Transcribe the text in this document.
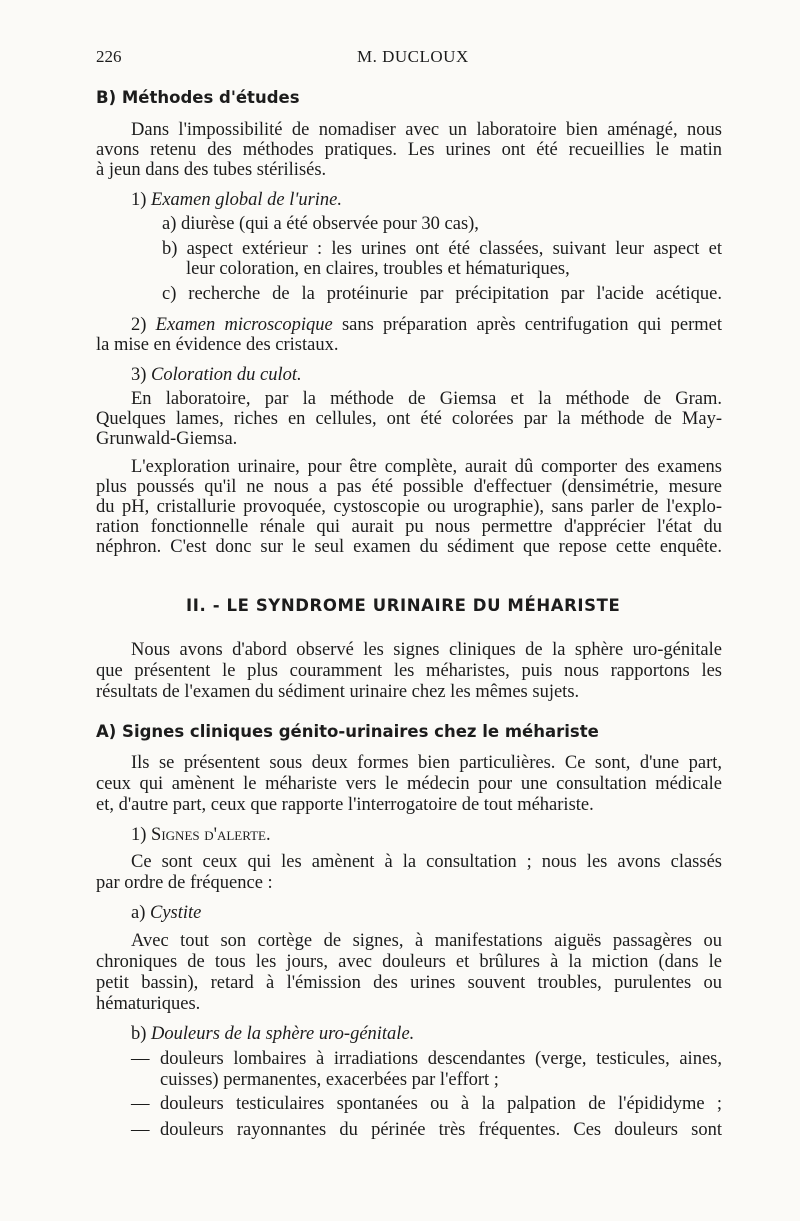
226	M. DUCLOUX
B) Méthodes d'études
Dans l'impossibilité de nomadiser avec un laboratoire bien aménagé, nous
avons retenu des méthodes pratiques. Les urines ont été recueillies le matin
à jeun dans des tubes stérilisés.
1) Examen global de l'urine.
a) diurèse (qui a été observée pour 30 cas),
b) aspect extérieur : les urines ont été classées, suivant leur aspect et
leur coloration, en claires, troubles et hématuriques,
c) recherche de la protéinurie par précipitation par l'acide acétique.
2) Examen microscopique sans préparation après centrifugation qui permet
la mise en évidence des cristaux.
3) Coloration du culot.
En laboratoire, par la méthode de Giemsa et la méthode de Gram.
Quelques lames, riches en cellules, ont été colorées par la méthode de May-
Grunwald-Giemsa.
L'exploration urinaire, pour être complète, aurait dû comporter des examens
plus poussés qu'il ne nous a pas été possible d'effectuer (densimétrie, mesure
du pH, cristallurie provoquée, cystoscopie ou urographie), sans parler de l'explo-
ration fonctionnelle rénale qui aurait pu nous permettre d'apprécier l'état du
néphron. C'est donc sur le seul examen du sédiment que repose cette enquête.
II. - LE SYNDROME URINAIRE DU MÉHARISTE
Nous avons d'abord observé les signes cliniques de la sphère uro-génitale
que présentent le plus couramment les méharistes, puis nous rapportons les
résultats de l'examen du sédiment urinaire chez les mêmes sujets.
A) Signes cliniques génito-urinaires chez le méhariste
Ils se présentent sous deux formes bien particulières. Ce sont, d'une part,
ceux qui amènent le méhariste vers le médecin pour une consultation médicale
et, d'autre part, ceux que rapporte l'interrogatoire de tout méhariste.
1) Signes d'alerte.
Ce sont ceux qui les amènent à la consultation ; nous les avons classés
par ordre de fréquence :
a) Cystite
Avec tout son cortège de signes, à manifestations aiguës passagères ou
chroniques de tous les jours, avec douleurs et brûlures à la miction (dans le
petit bassin), retard à l'émission des urines souvent troubles, purulentes ou
hématuriques.
b) Douleurs de la sphère uro-génitale.
— douleurs lombaires à irradiations descendantes (verge, testicules, aines,
cuisses) permanentes, exacerbées par l'effort ;
— douleurs testiculaires spontanées ou à la palpation de l'épididyme ;
— douleurs rayonnantes du périnée très fréquentes. Ces douleurs sont
